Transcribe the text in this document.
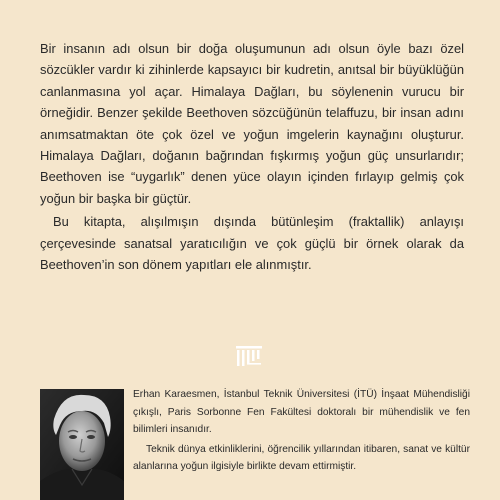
Bir insanın adı olsun bir doğa oluşumunun adı olsun öyle bazı özel sözcükler vardır ki zihinlerde kapsayıcı bir kudretin, anıtsal bir büyüklüğün canlanmasına yol açar. Himalaya Dağları, bu söylenenin vurucu bir örneğidir. Benzer şekilde Beethoven sözcüğünün telaffuzu, bir insan adını anımsatmaktan öte çok özel ve yoğun imgelerin kaynağını oluşturur. Himalaya Dağları, doğanın bağrından fışkırmış yoğun güç unsurlarıdır; Beethoven ise “uygarlık” denen yüce olayın içinden fırlayıp gelmiş çok yoğun bir başka bir güçtür.

Bu kitapta, alışılmışın dışında bütünleşim (fraktallik) anlayışı çerçevesinde sanatsal yaratıcılığın ve çok güçlü bir örnek olarak da Beethoven’in son dönem yapıtları ele alınmıştır.

Erhan Karaesmen, İstanbul Teknik Üniversitesi (İTÜ) İnşaat Mühendisliği çıkışlı, Paris Sorbonne Fen Fakültesi doktoralı bir mühendislik ve fen bilimleri insanıdır.

Teknik dünya etkinliklerini, öğrencilik yıllarından itibaren, sanat ve kültür alanlarına yoğun ilgisiyle birlikte devam ettirmiştir.
